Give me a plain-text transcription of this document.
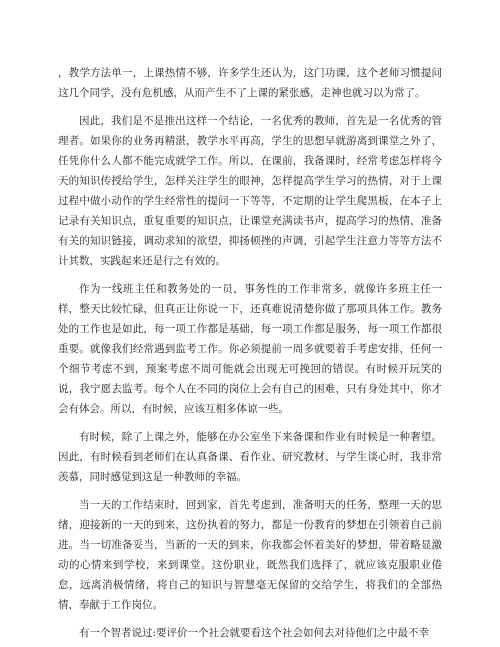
，教学方法单一，上课热情不够，许多学生还认为，这门功课，这个老师习惯提问这几个同学，没有危机感，从而产生不了上课的紧张感，走神也就习以为常了。

因此，我们是不是推出这样一个结论，一名优秀的教师，首先是一名优秀的管理者。如果你的业务再精湛，教学水平再高，学生的思想早就游离到课堂之外了，任凭你什么人都不能完成就学工作。所以，在课前，我备课时，经常考虑怎样将今天的知识传授给学生，怎样关注学生的眼神，怎样提高学生学习的热情，对于上课过程中做小动作的学生经常性的提问一下等等，不定期的让学生爬黑板，在本子上记录有关知识点，重复重要的知识点，让课堂充满读书声，提高学习的热情，准备有关的知识链接，调动求知的欲望，抑扬顿挫的声调，引起学生注意力等等方法不计其数，实践起来还是行之有效的。

作为一线班主任和教务处的一员，事务性的工作非常多，就像许多班主任一样，整天比较忙碌，但真正让你说一下，还真难说清楚你做了那项具体工作。教务处的工作也是如此，每一项工作都是基础，每一项工作都是服务，每一项工作都很重要。就像我们经常遇到监考工作。你必须提前一周多就要着手考虑安排，任何一个细节考虑不到，预案考虑不周可能就会出现无可挽回的错误。有时候开玩笑的说，我宁愿去监考。每个人在不同的岗位上会有自己的困难，只有身处其中，你才会有体会。所以，有时候，应该互相多体谅一些。

有时候，除了上课之外，能够在办公室坐下来备课和作业有时候是一种奢望。因此，有时候看到老师们在认真备课、看作业、研究教材、与学生谈心时，我非常羡慕，同时感觉到这是一种教师的幸福。

当一天的工作结束时，回到家，首先考虑到，准备明天的任务，整理一天的思绪，迎接新的一天的到来，这份执着的努力，都是一份教育的梦想在引领着自己前进。当一切准备妥当，当新的一天的到来，你我都会怀着美好的梦想，带着略显激动的心情来到学校，来到课堂。这份职业，既然我们选择了，就应该克服职业倦怠，远离消极情绪，将自己的知识与智慧毫无保留的交给学生，将我们的全部热情，奉献于工作岗位。

有一个智者说过:要评价一个社会就要看这个社会如何去对待他们之中最不幸
